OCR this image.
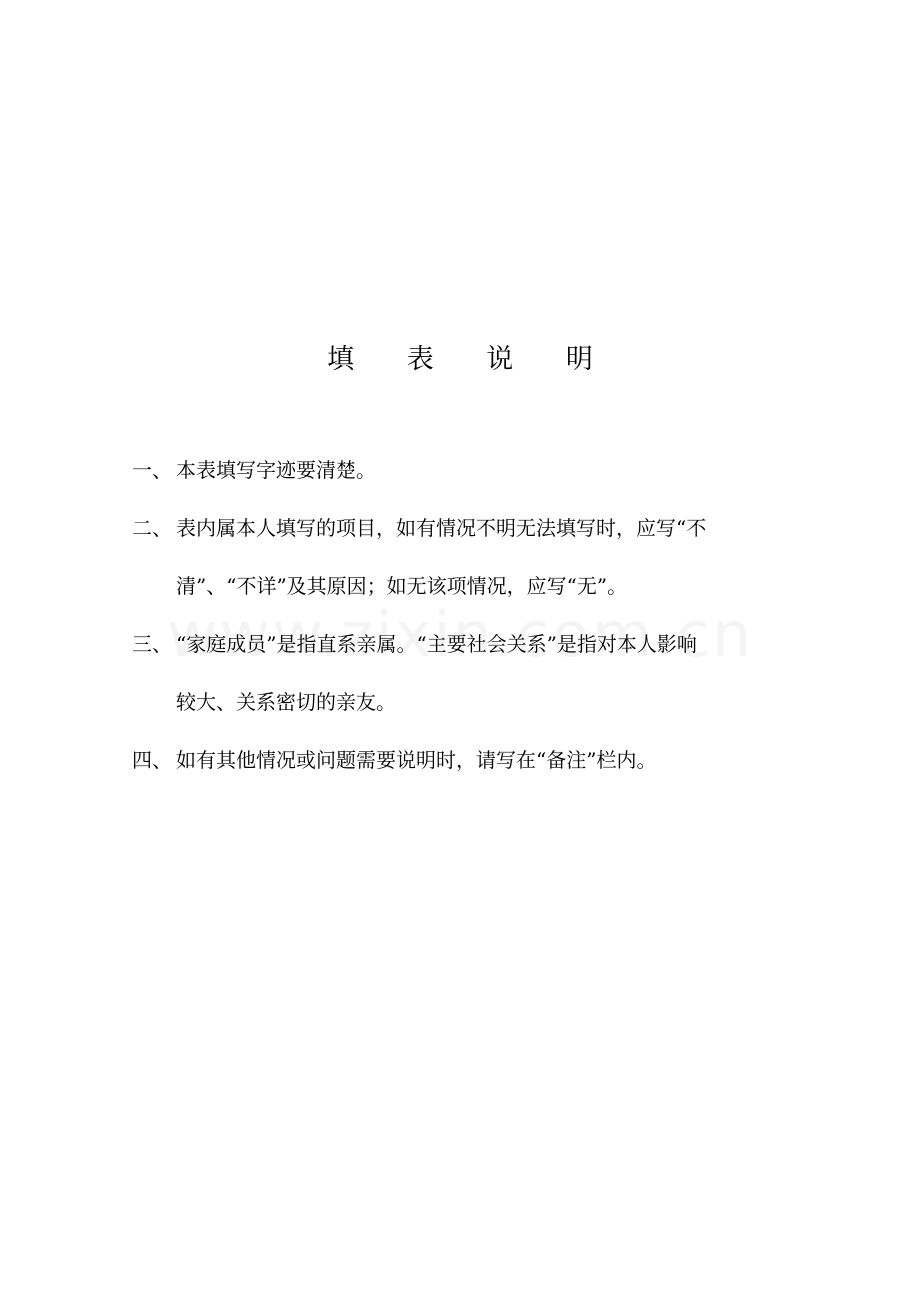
填 表 说 明
一、 本表填写字迹要清楚。
二、 表内属本人填写的项目，如有情况不明无法填写时，应写“不
清”、“不详”及其原因；如无该项情况，应写“无”。
三、 “家庭成员”是指直系亲属。“主要社会关系”是指对本人影响
较大、关系密切的亲友。
四、 如有其他情况或问题需要说明时，请写在“备注”栏内。
